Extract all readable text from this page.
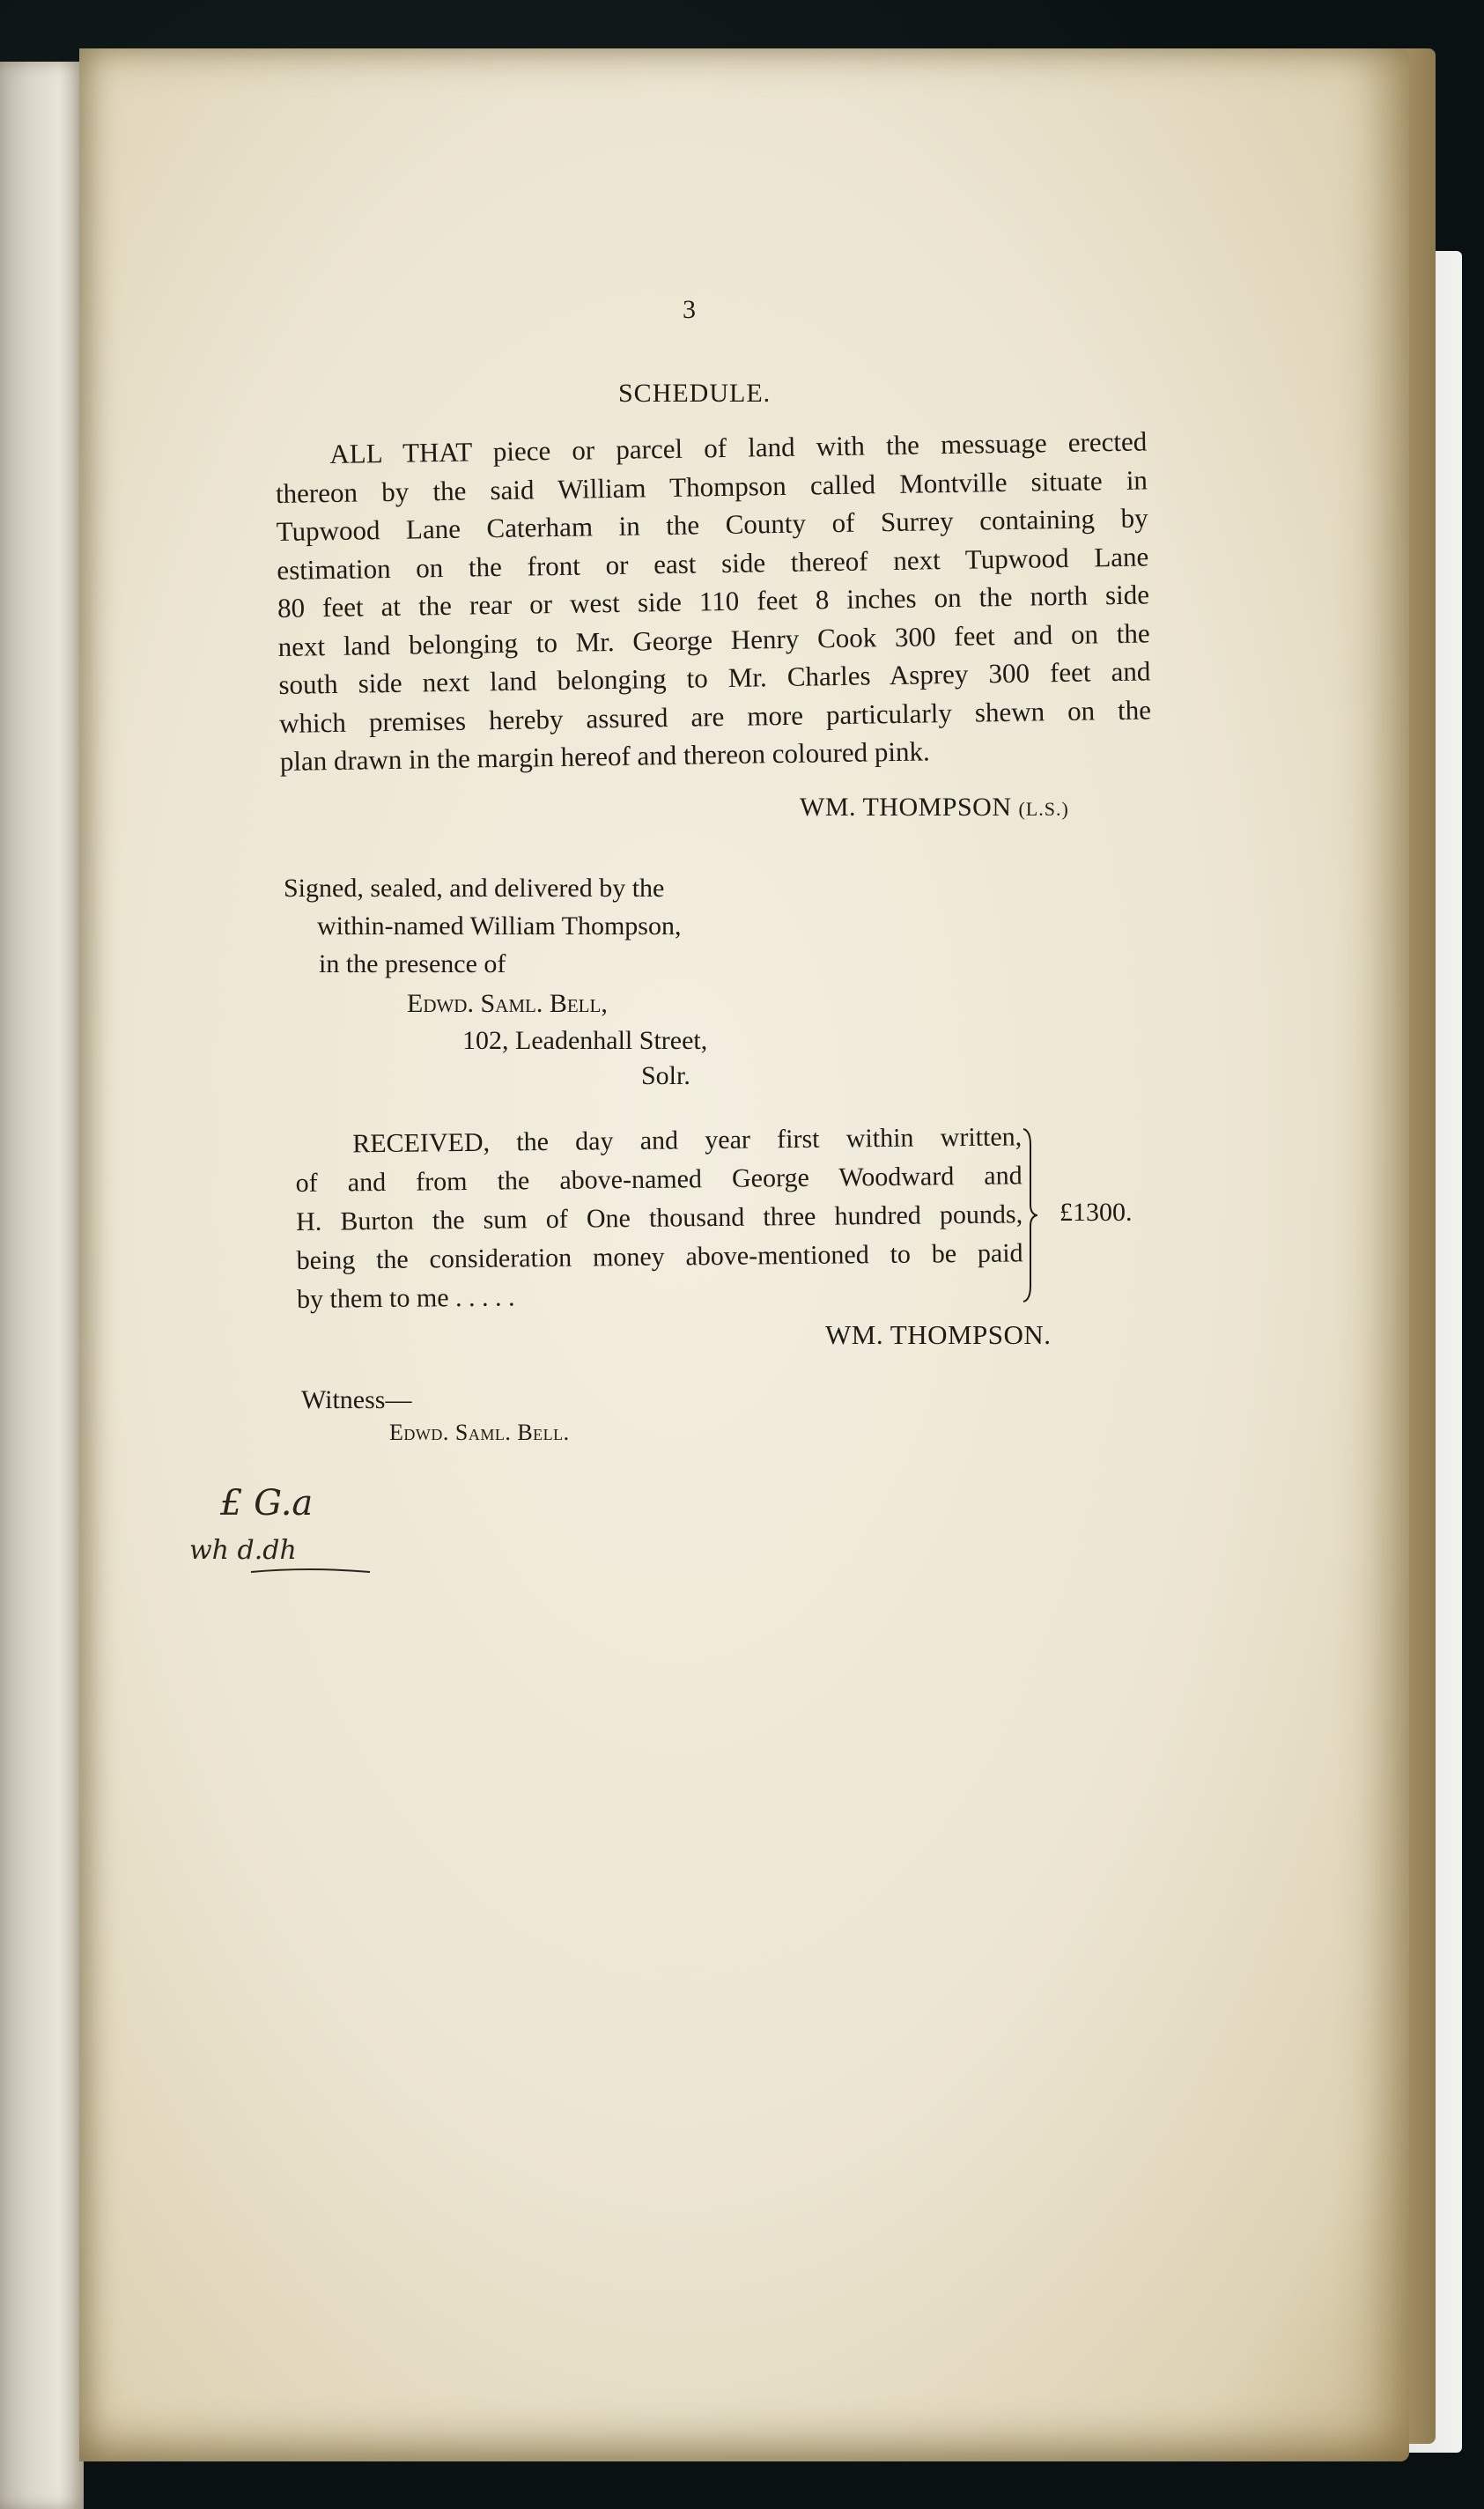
3
SCHEDULE.
ALL THAT piece or parcel of land with the messuage erected
thereon by the said William Thompson called Montville situate in
Tupwood Lane Caterham in the County of Surrey containing by
estimation on the front or east side thereof next Tupwood Lane
80 feet at the rear or west side 110 feet 8 inches on the north side
next land belonging to Mr. George Henry Cook 300 feet and on the
south side next land belonging to Mr. Charles Asprey 300 feet and
which premises hereby assured are more particularly shewn on the
plan drawn in the margin hereof and thereon coloured pink.
WM. THOMPSON (L.S.)
Signed, sealed, and delivered by the
within-named William Thompson,
in the presence of
Edwd. Saml. Bell,
102, Leadenhall Street,
Solr.
RECEIVED, the day and year first within written,
of and from the above-named George Woodward and
H. Burton the sum of One thousand three hundred pounds,
being the consideration money above-mentioned to be paid
by them to me . . . . .
£1300.
WM. THOMPSON.
Witness—
Edwd. Saml. Bell.
£ G.a
wh d.dh
